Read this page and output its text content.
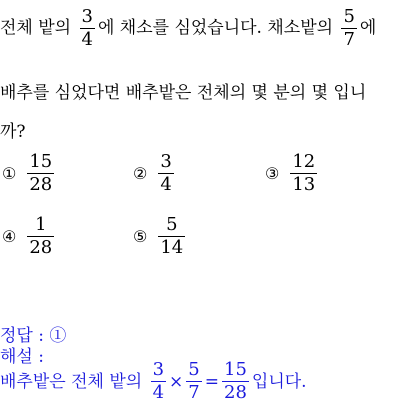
전체 밭의 $\frac{3}{4}$ 에 채소를 심었습니다. 채소밭의 $\frac{5}{7}$ 에
배추를 심었다면 배추밭은 전체의 몇 분의 몇 입니
까?
① $\frac{15}{28}$	② $\frac{3}{4}$	③ $\frac{12}{13}$
④ $\frac{1}{28}$	⑤ $\frac{5}{14}$
정답 : ①
해설 :
배추밭은 전체 밭의 $\frac{3}{4} \times \frac{5}{7} = \frac{15}{28}$ 입니다.
